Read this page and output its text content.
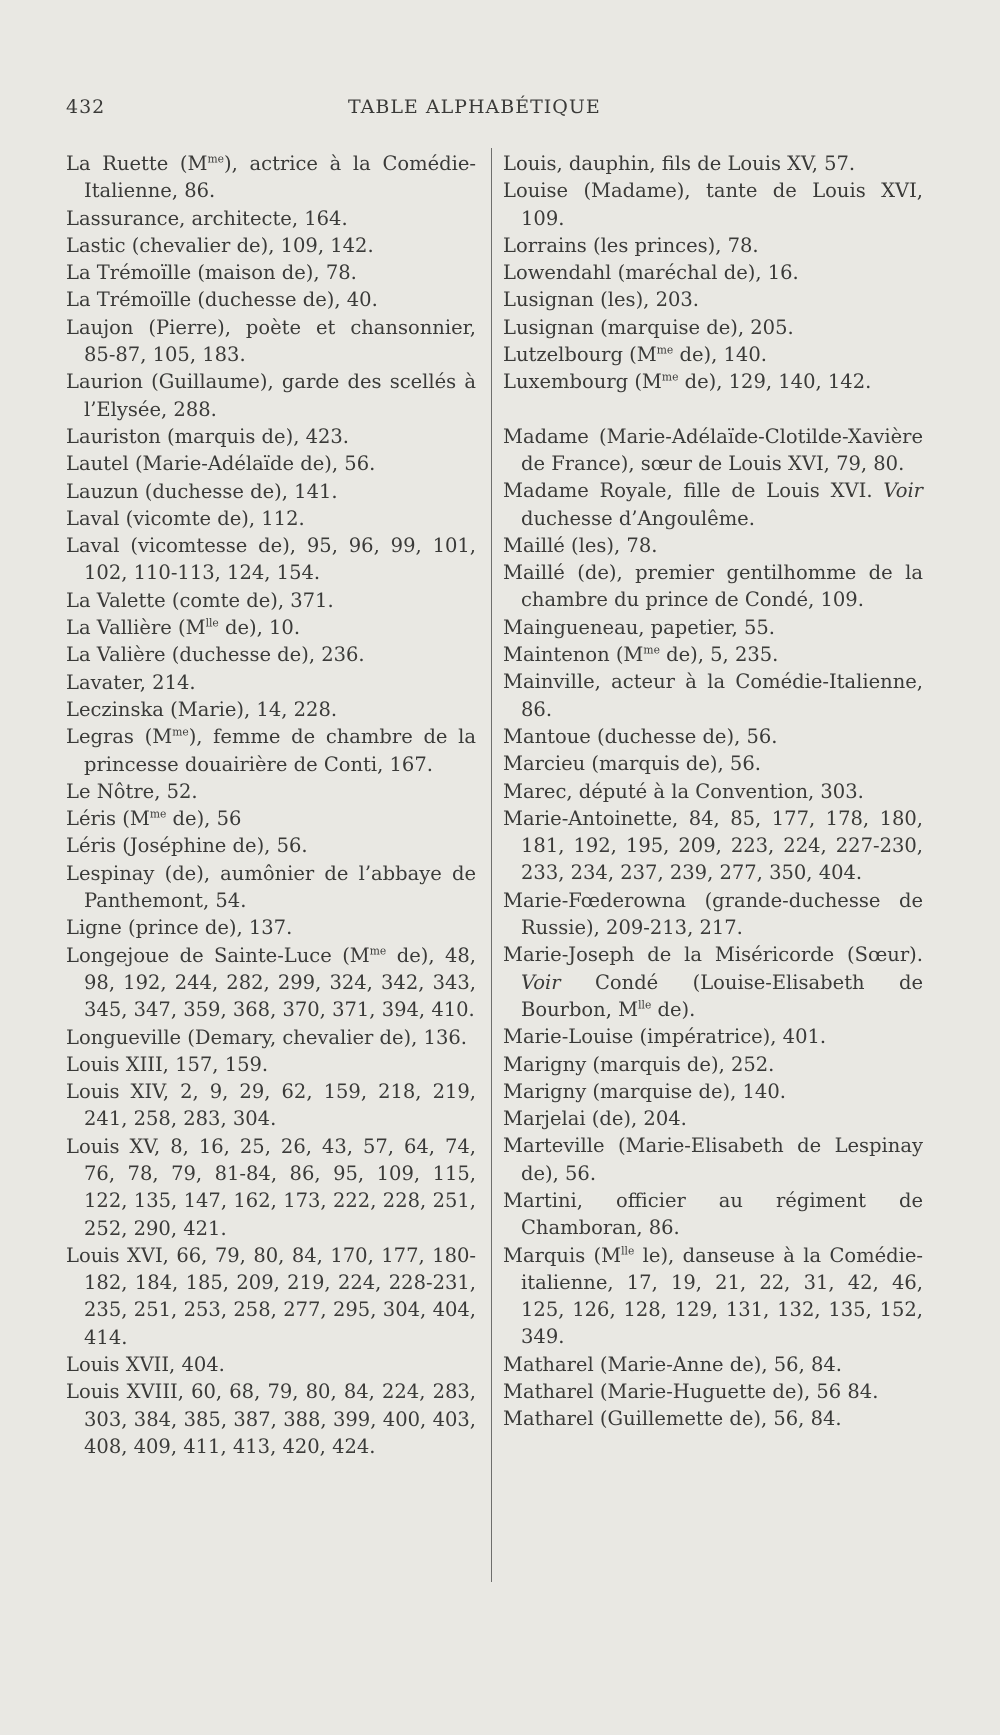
432	TABLE ALPHABÉTIQUE

La Ruette $(M^{me})$, actrice à la Comédie-Italienne, 86.

Lassurance, architecte, 164.

Lastic (chevalier de), 109, 142.

La Trémoïlle (maison de), 78.

La Trémoïlle (duchesse de), 40.

Laujon (Pierre), poète et chansonnier, 85-87, 105, 183.

Laurion (Guillaume), garde des scellés à l’Elysée, 288.

Lauriston (marquis de), 423.

Lautel (Marie-Adélaïde de), 56.

Lauzun (duchesse de), 141.

Laval (vicomte de), 112.

Laval (vicomtesse de), 95, 96, 99, 101, 102, 110-113, 124, 154.

La Valette (comte de), 371.

La Vallière ($M^{lle}$ de), 10.

La Valière (duchesse de), 236.

Lavater, 214.

Leczinska (Marie), 14, 228.

Legras $(M^{me})$, femme de chambre de la princesse douairière de Conti, 167.

Le Nôtre, 52.

Léris ($M^{me}$ de), 56

Léris (Joséphine de), 56.

Lespinay (de), aumônier de l’abbaye de Panthemont, 54.

Ligne (prince de), 137.

Longejoue de Sainte-Luce ($M^{me}$ de), 48, 98, 192, 244, 282, 299, 324, 342, 343, 345, 347, 359, 368, 370, 371, 394, 410.

Longueville (Demary, chevalier de), 136.

Louis XIII, 157, 159.

Louis XIV, 2, 9, 29, 62, 159, 218, 219, 241, 258, 283, 304.

Louis XV, 8, 16, 25, 26, 43, 57, 64, 74, 76, 78, 79, 81-84, 86, 95, 109, 115, 122, 135, 147, 162, 173, 222, 228, 251, 252, 290, 421.

Louis XVI, 66, 79, 80, 84, 170, 177, 180-182, 184, 185, 209, 219, 224, 228-231, 235, 251, 253, 258, 277, 295, 304, 404, 414.

Louis XVII, 404.

Louis XVIII, 60, 68, 79, 80, 84, 224, 283, 303, 384, 385, 387, 388, 399, 400, 403, 408, 409, 411, 413, 420, 424.

Louis, dauphin, fils de Louis XV, 57.

Louise (Madame), tante de Louis XVI, 109.

Lorrains (les princes), 78.

Lowendahl (maréchal de), 16.

Lusignan (les), 203.

Lusignan (marquise de), 205.

Lutzelbourg ($M^{me}$ de), 140.

Luxembourg ($M^{me}$ de), 129, 140, 142.

Madame (Marie-Adélaïde-Clotilde-Xavière de France), sœur de Louis XVI, 79, 80.

Madame Royale, fille de Louis XVI. Voir duchesse d’Angoulême.

Maillé (les), 78.

Maillé (de), premier gentilhomme de la chambre du prince de Condé, 109.

Maingueneau, papetier, 55.

Maintenon ($M^{me}$ de), 5, 235.

Mainville, acteur à la Comédie-Italienne, 86.

Mantoue (duchesse de), 56.

Marcieu (marquis de), 56.

Marec, député à la Convention, 303.

Marie-Antoinette, 84, 85, 177, 178, 180, 181, 192, 195, 209, 223, 224, 227-230, 233, 234, 237, 239, 277, 350, 404.

Marie-Fœderowna (grande-duchesse de Russie), 209-213, 217.

Marie-Joseph de la Miséricorde (Sœur). Voir Condé (Louise-Elisabeth de Bourbon, $M^{lle}$ de).

Marie-Louise (impératrice), 401.

Marigny (marquis de), 252.

Marigny (marquise de), 140.

Marjelai (de), 204.

Marteville (Marie-Elisabeth de Lespinay de), 56.

Martini, officier au régiment de Chamboran, 86.

Marquis ($M^{lle}$ le), danseuse à la Comédie-italienne, 17, 19, 21, 22, 31, 42, 46, 125, 126, 128, 129, 131, 132, 135, 152, 349.

Matharel (Marie-Anne de), 56, 84.

Matharel (Marie-Huguette de), 56 84.

Matharel (Guillemette de), 56, 84.
